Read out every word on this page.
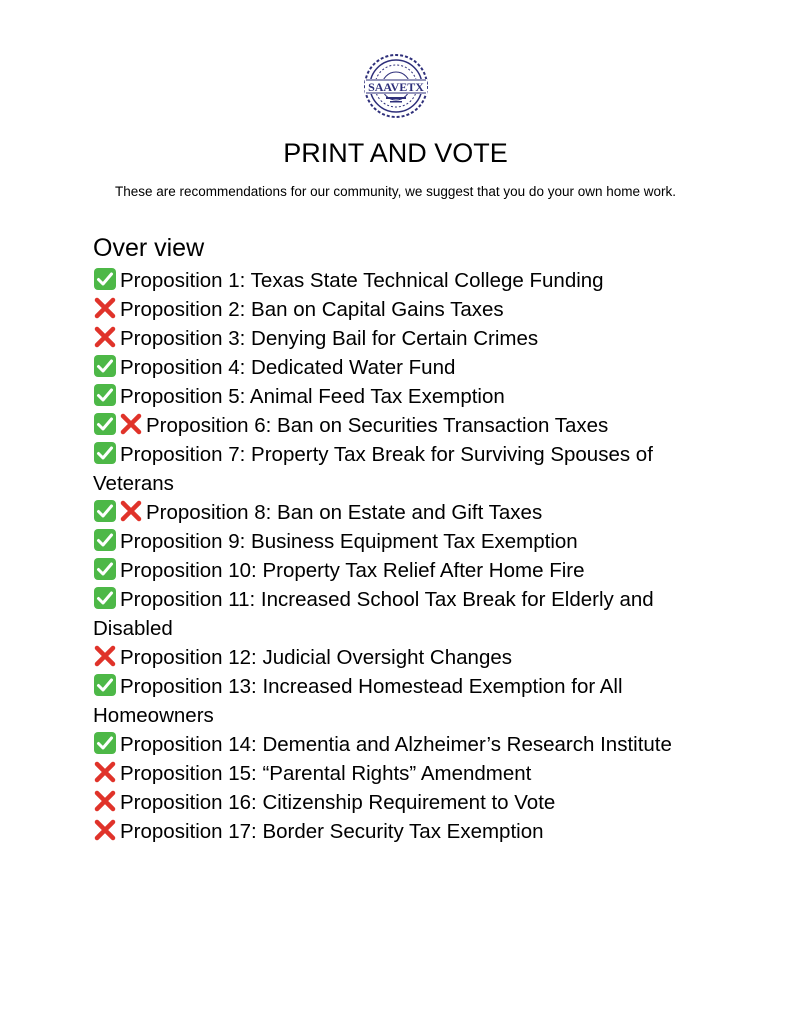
SAAVETX
PRINT AND VOTE
These are recommendations for our community, we suggest that you do your own home work.
Over view
Proposition 1: Texas State Technical College Funding
Proposition 2: Ban on Capital Gains Taxes
Proposition 3: Denying Bail for Certain Crimes
Proposition 4: Dedicated Water Fund
Proposition 5: Animal Feed Tax Exemption
Proposition 6: Ban on Securities Transaction Taxes
Proposition 7: Property Tax Break for Surviving Spouses of Veterans
Proposition 8: Ban on Estate and Gift Taxes
Proposition 9: Business Equipment Tax Exemption
Proposition 10: Property Tax Relief After Home Fire
Proposition 11: Increased School Tax Break for Elderly and Disabled
Proposition 12: Judicial Oversight Changes
Proposition 13: Increased Homestead Exemption for All Homeowners
Proposition 14: Dementia and Alzheimer’s Research Institute
Proposition 15: “Parental Rights” Amendment
Proposition 16: Citizenship Requirement to Vote
Proposition 17: Border Security Tax Exemption
